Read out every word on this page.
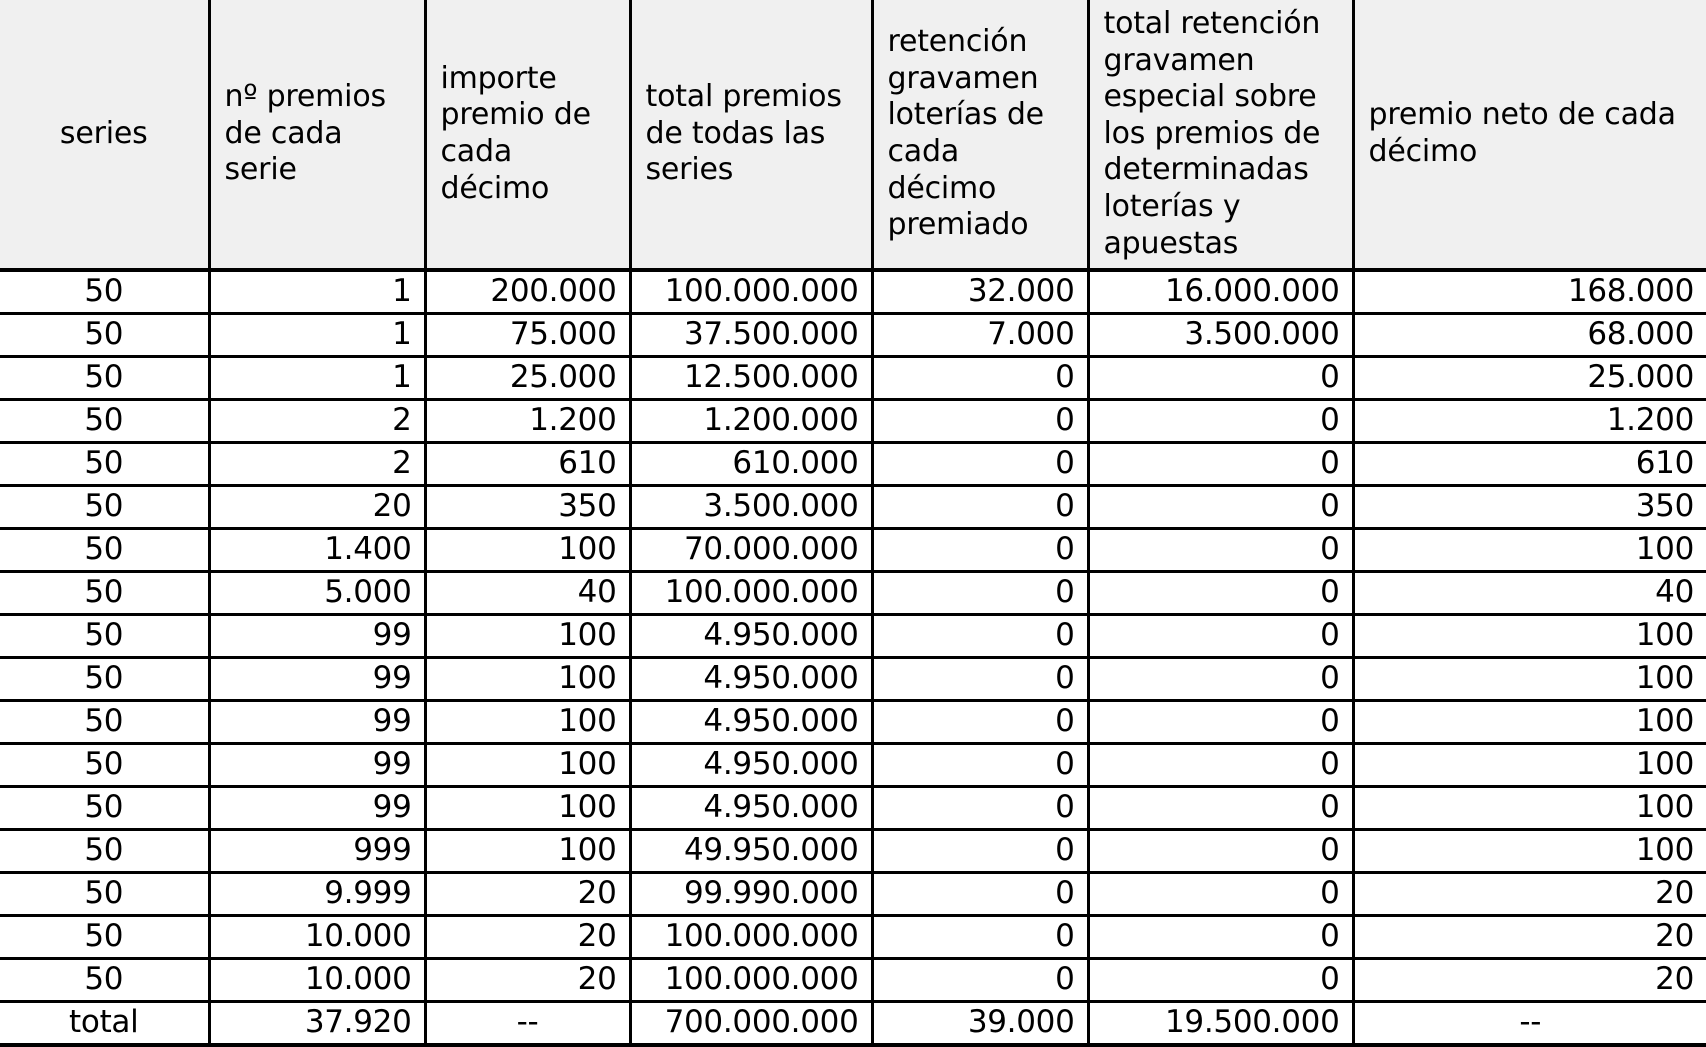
series	nº premios de cada serie	importe premio de cada décimo	total premios de todas las series	retención gravamen loterías de cada décimo premiado	total retención gravamen especial sobre los premios de determinadas loterías y apuestas	premio neto de cada décimo
50	1	200.000	100.000.000	32.000	16.000.000	168.000
50	1	75.000	37.500.000	7.000	3.500.000	68.000
50	1	25.000	12.500.000	0	0	25.000
50	2	1.200	1.200.000	0	0	1.200
50	2	610	610.000	0	0	610
50	20	350	3.500.000	0	0	350
50	1.400	100	70.000.000	0	0	100
50	5.000	40	100.000.000	0	0	40
50	99	100	4.950.000	0	0	100
50	99	100	4.950.000	0	0	100
50	99	100	4.950.000	0	0	100
50	99	100	4.950.000	0	0	100
50	99	100	4.950.000	0	0	100
50	999	100	49.950.000	0	0	100
50	9.999	20	99.990.000	0	0	20
50	10.000	20	100.000.000	0	0	20
50	10.000	20	100.000.000	0	0	20
total	37.920	--	700.000.000	39.000	19.500.000	--
